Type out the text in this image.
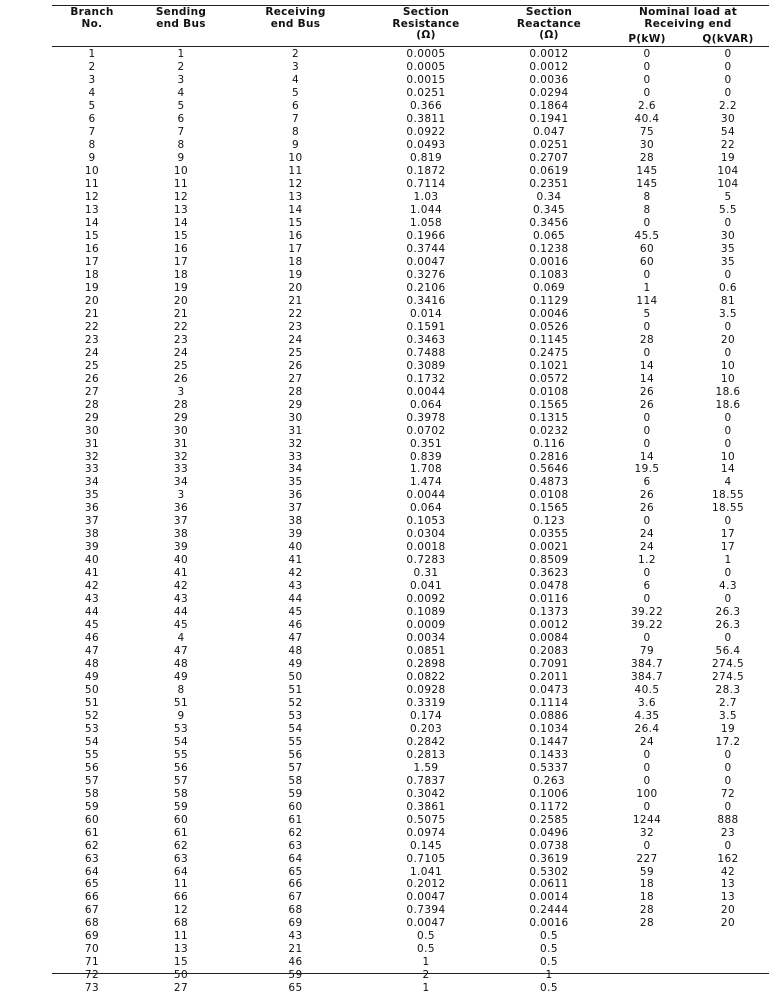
Branch
No.
Sending
end Bus
Receiving
end Bus
Section
Resistance
(Ω)
Section
Reactance
(Ω)
Nominal load at
Receiving end
P(kW)	Q(kVAR)
1	1	2	0.0005	0.0012	0	0
2	2	3	0.0005	0.0012	0	0
3	3	4	0.0015	0.0036	0	0
4	4	5	0.0251	0.0294	0	0
5	5	6	0.366	0.1864	2.6	2.2
6	6	7	0.3811	0.1941	40.4	30
7	7	8	0.0922	0.047	75	54
8	8	9	0.0493	0.0251	30	22
9	9	10	0.819	0.2707	28	19
10	10	11	0.1872	0.0619	145	104
11	11	12	0.7114	0.2351	145	104
12	12	13	1.03	0.34	8	5
13	13	14	1.044	0.345	8	5.5
14	14	15	1.058	0.3456	0	0
15	15	16	0.1966	0.065	45.5	30
16	16	17	0.3744	0.1238	60	35
17	17	18	0.0047	0.0016	60	35
18	18	19	0.3276	0.1083	0	0
19	19	20	0.2106	0.069	1	0.6
20	20	21	0.3416	0.1129	114	81
21	21	22	0.014	0.0046	5	3.5
22	22	23	0.1591	0.0526	0	0
23	23	24	0.3463	0.1145	28	20
24	24	25	0.7488	0.2475	0	0
25	25	26	0.3089	0.1021	14	10
26	26	27	0.1732	0.0572	14	10
27	3	28	0.0044	0.0108	26	18.6
28	28	29	0.064	0.1565	26	18.6
29	29	30	0.3978	0.1315	0	0
30	30	31	0.0702	0.0232	0	0
31	31	32	0.351	0.116	0	0
32	32	33	0.839	0.2816	14	10
33	33	34	1.708	0.5646	19.5	14
34	34	35	1.474	0.4873	6	4
35	3	36	0.0044	0.0108	26	18.55
36	36	37	0.064	0.1565	26	18.55
37	37	38	0.1053	0.123	0	0
38	38	39	0.0304	0.0355	24	17
39	39	40	0.0018	0.0021	24	17
40	40	41	0.7283	0.8509	1.2	1
41	41	42	0.31	0.3623	0	0
42	42	43	0.041	0.0478	6	4.3
43	43	44	0.0092	0.0116	0	0
44	44	45	0.1089	0.1373	39.22	26.3
45	45	46	0.0009	0.0012	39.22	26.3
46	4	47	0.0034	0.0084	0	0
47	47	48	0.0851	0.2083	79	56.4
48	48	49	0.2898	0.7091	384.7	274.5
49	49	50	0.0822	0.2011	384.7	274.5
50	8	51	0.0928	0.0473	40.5	28.3
51	51	52	0.3319	0.1114	3.6	2.7
52	9	53	0.174	0.0886	4.35	3.5
53	53	54	0.203	0.1034	26.4	19
54	54	55	0.2842	0.1447	24	17.2
55	55	56	0.2813	0.1433	0	0
56	56	57	1.59	0.5337	0	0
57	57	58	0.7837	0.263	0	0
58	58	59	0.3042	0.1006	100	72
59	59	60	0.3861	0.1172	0	0
60	60	61	0.5075	0.2585	1244	888
61	61	62	0.0974	0.0496	32	23
62	62	63	0.145	0.0738	0	0
63	63	64	0.7105	0.3619	227	162
64	64	65	1.041	0.5302	59	42
65	11	66	0.2012	0.0611	18	13
66	66	67	0.0047	0.0014	18	13
67	12	68	0.7394	0.2444	28	20
68	68	69	0.0047	0.0016	28	20
69	11	43	0.5	0.5		
70	13	21	0.5	0.5		
71	15	46	1	0.5		
72	50	59	2	1		
73	27	65	1	0.5		
